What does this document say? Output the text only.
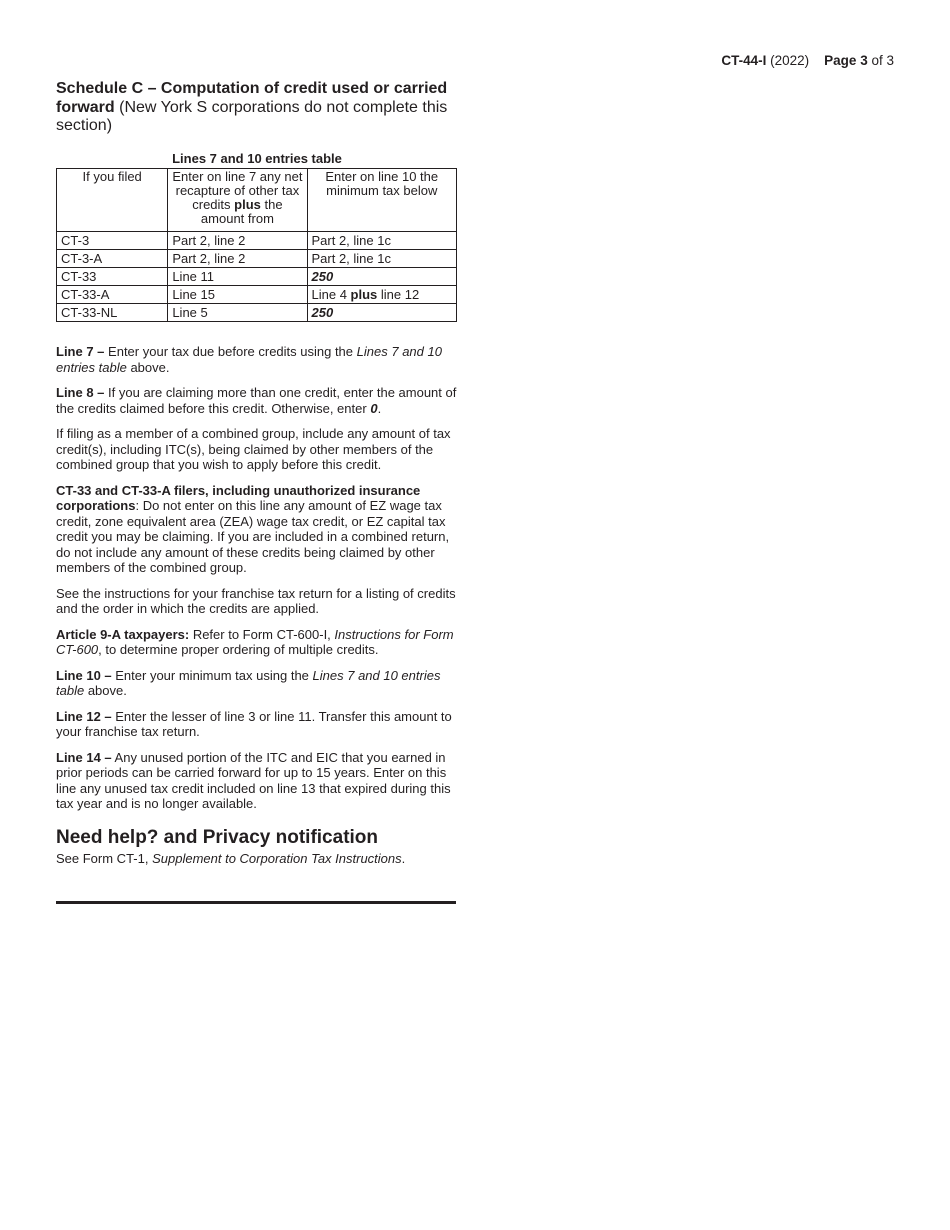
CT-44-I (2022) Page 3 of 3
Schedule C – Computation of credit used or carried forward (New York S corporations do not complete this section)
Lines 7 and 10 entries table
If you filed	Enter on line 7 any net recapture of other tax credits plus the amount from	Enter on line 10 the minimum tax below
CT-3	Part 2, line 2	Part 2, line 1c
CT-3-A	Part 2, line 2	Part 2, line 1c
CT-33	Line 11	250
CT-33-A	Line 15	Line 4 plus line 12
CT-33-NL	Line 5	250

Line 7 – Enter your tax due before credits using the Lines 7 and 10 entries table above.

Line 8 – If you are claiming more than one credit, enter the amount of the credits claimed before this credit. Otherwise, enter 0.

If filing as a member of a combined group, include any amount of tax credit(s), including ITC(s), being claimed by other members of the combined group that you wish to apply before this credit.

CT-33 and CT-33-A filers, including unauthorized insurance corporations: Do not enter on this line any amount of EZ wage tax credit, zone equivalent area (ZEA) wage tax credit, or EZ capital tax credit you may be claiming. If you are included in a combined return, do not include any amount of these credits being claimed by other members of the combined group.

See the instructions for your franchise tax return for a listing of credits and the order in which the credits are applied.

Article 9-A taxpayers: Refer to Form CT-600-I, Instructions for Form CT-600, to determine proper ordering of multiple credits.

Line 10 – Enter your minimum tax using the Lines 7 and 10 entries table above.

Line 12 – Enter the lesser of line 3 or line 11. Transfer this amount to your franchise tax return.

Line 14 – Any unused portion of the ITC and EIC that you earned in prior periods can be carried forward for up to 15 years. Enter on this line any unused tax credit included on line 13 that expired during this tax year and is no longer available.

Need help? and Privacy notification
See Form CT-1, Supplement to Corporation Tax Instructions.
